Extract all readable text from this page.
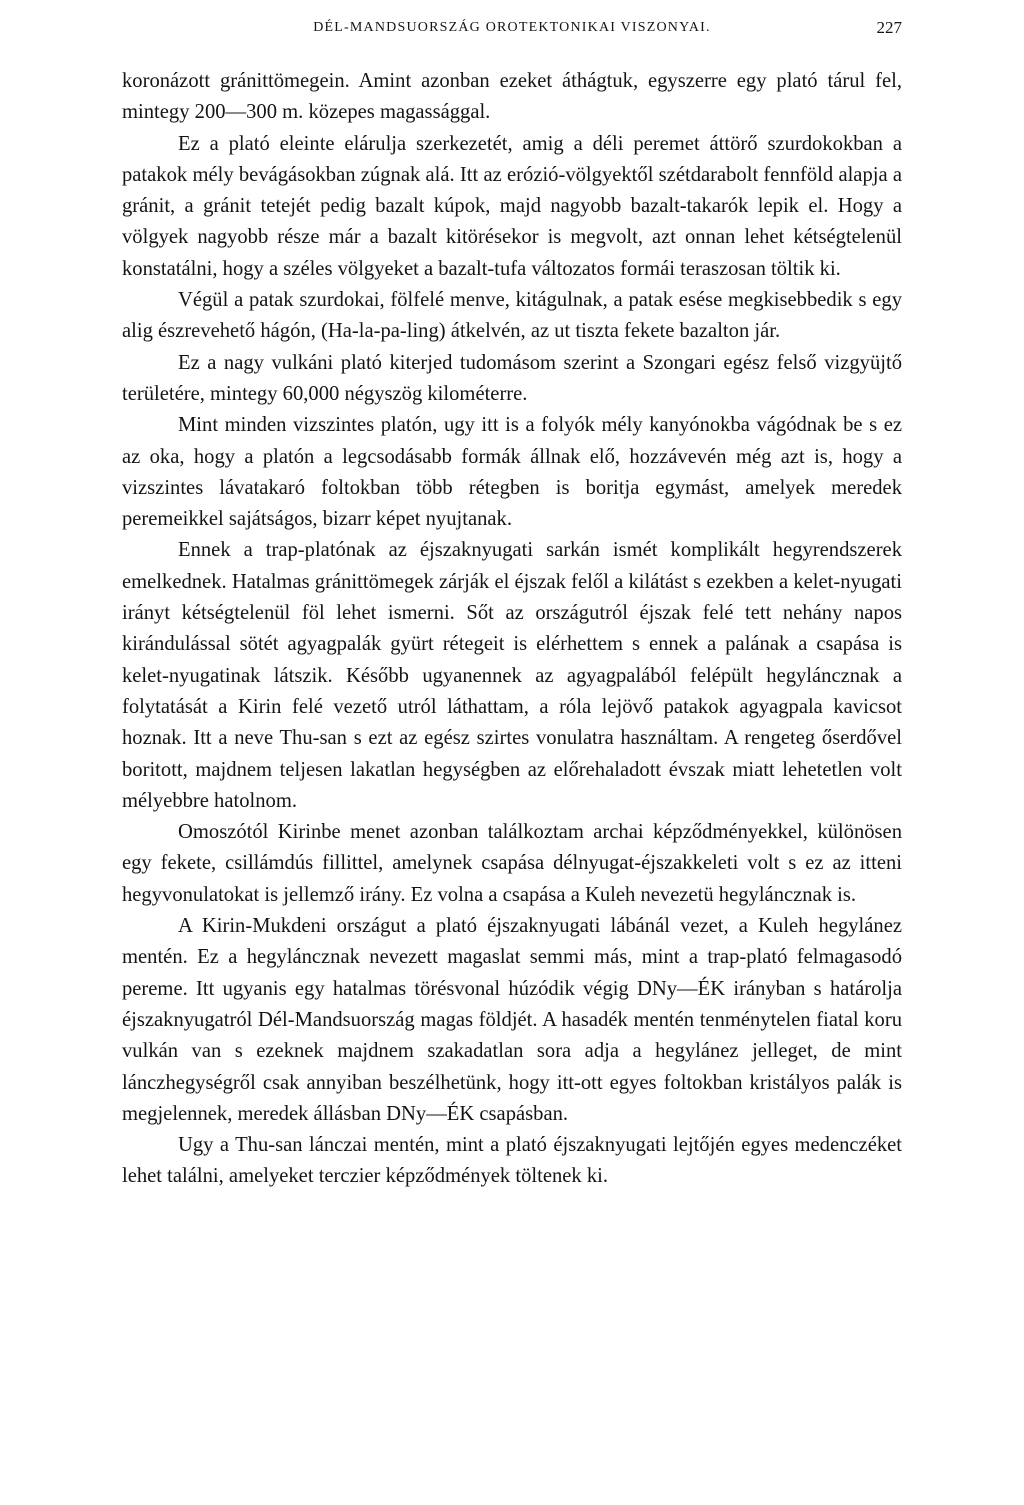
DÉL-MANDSUORSZÁG OROTEKTONIKAI VISZONYAI.	227

koronázott gránittömegein. Amint azonban ezeket áthágtuk, egyszerre egy plató tárul fel, mintegy 200—300 m. közepes magassággal.

Ez a plató eleinte elárulja szerkezetét, amig a déli peremet áttörő szurdokokban a patakok mély bevágásokban zúgnak alá. Itt az erózió-völgyektől szétdarabolt fennföld alapja a gránit, a gránit tetejét pedig bazalt kúpok, majd nagyobb bazalt-takarók lepik el. Hogy a völgyek nagyobb része már a bazalt kitörésekor is megvolt, azt onnan lehet kétségtelenül konstatálni, hogy a széles völgyeket a bazalt-tufa változatos formái teraszosan töltik ki.

Végül a patak szurdokai, fölfelé menve, kitágulnak, a patak esése megkisebbedik s egy alig észrevehető hágón, (Ha-la-pa-ling) átkelvén, az ut tiszta fekete bazalton jár.

Ez a nagy vulkáni plató kiterjed tudomásom szerint a Szongari egész felső vizgyüjtő területére, mintegy 60,000 négyszög kilométerre.

Mint minden vizszintes platón, ugy itt is a folyók mély kanyónokba vágódnak be s ez az oka, hogy a platón a legcsodásabb formák állnak elő, hozzávevén még azt is, hogy a vizszintes lávatakaró foltokban több rétegben is boritja egymást, amelyek meredek peremeikkel sajátságos, bizarr képet nyujtanak.

Ennek a trap-platónak az éjszaknyugati sarkán ismét komplikált hegyrendszerek emelkednek. Hatalmas gránittömegek zárják el éjszak felől a kilátást s ezekben a kelet-nyugati irányt kétségtelenül föl lehet ismerni. Sőt az országutról éjszak felé tett nehány napos kirándulással sötét agyagpalák gyürt rétegeit is elérhettem s ennek a palának a csapása is kelet-nyugatinak látszik. Később ugyanennek az agyagpalából felépült hegyláncznak a folytatását a Kirin felé vezető utról láthattam, a róla lejövő patakok agyagpala kavicsot hoznak. Itt a neve Thu-san s ezt az egész szirtes vonulatra használtam. A rengeteg őserdővel boritott, majdnem teljesen lakatlan hegységben az előrehaladott évszak miatt lehetetlen volt mélyebbre hatolnom.

Omoszótól Kirinbe menet azonban találkoztam archai képződményekkel, különösen egy fekete, csillámdús fillittel, amelynek csapása délnyugat-éjszakkeleti volt s ez az itteni hegyvonulatokat is jellemző irány. Ez volna a csapása a Kuleh nevezetü hegyláncznak is.

A Kirin-Mukdeni országut a plató éjszaknyugati lábánál vezet, a Kuleh hegylánez mentén. Ez a hegyláncznak nevezett magaslat semmi más, mint a trap-plató felmagasodó pereme. Itt ugyanis egy hatalmas törésvonal húzódik végig DNy—ÉK irányban s határolja éjszaknyugatról Dél-Mandsuország magas földjét. A hasadék mentén tenménytelen fiatal koru vulkán van s ezeknek majdnem szakadatlan sora adja a hegylánez jelleget, de mint lánczhegységről csak annyiban beszélhetünk, hogy itt-ott egyes foltokban kristályos palák is megjelennek, meredek állásban DNy—ÉK csapásban.

Ugy a Thu-san lánczai mentén, mint a plató éjszaknyugati lejtőjén egyes medenczéket lehet találni, amelyeket terczier képződmények töltenek ki.
